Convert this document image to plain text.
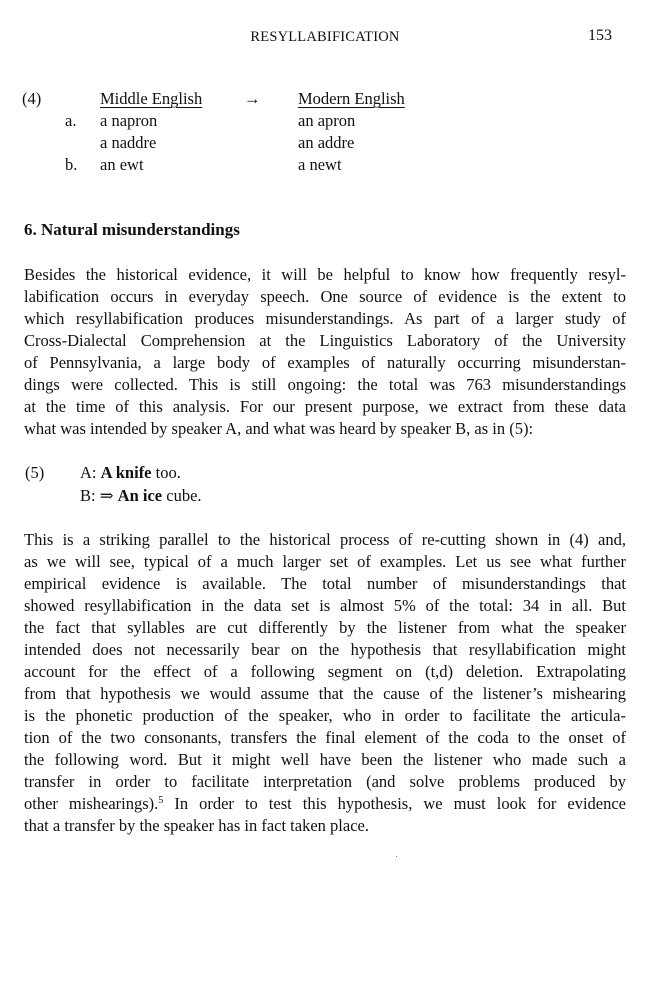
RESYLLABIFICATION	153
(4)	Middle English	→ Modern English
a. a napron	an apron
a naddre	an addre
b. an ewt	a newt
6. Natural misunderstandings
Besides the historical evidence, it will be helpful to know how frequently resyl-
labification occurs in everyday speech. One source of evidence is the extent to
which resyllabification produces misunderstandings. As part of a larger study of
Cross-Dialectal Comprehension at the Linguistics Laboratory of the University
of Pennsylvania, a large body of examples of naturally occurring misunderstan-
dings were collected. This is still ongoing: the total was 763 misunderstandings
at the time of this analysis. For our present purpose, we extract from these data
what was intended by speaker A, and what was heard by speaker B, as in (5):
(5) A: A knife too.
B: ⇒ An ice cube.
This is a striking parallel to the historical process of re-cutting shown in (4) and,
as we will see, typical of a much larger set of examples. Let us see what further
empirical evidence is available. The total number of misunderstandings that
showed resyllabification in the data set is almost 5% of the total: 34 in all. But
the fact that syllables are cut differently by the listener from what the speaker
intended does not necessarily bear on the hypothesis that resyllabification might
account for the effect of a following segment on (t,d) deletion. Extrapolating
from that hypothesis we would assume that the cause of the listener’s mishearing
is the phonetic production of the speaker, who in order to facilitate the articula-
tion of the two consonants, transfers the final element of the coda to the onset of
the following word. But it might well have been the listener who made such a
transfer in order to facilitate interpretation (and solve problems produced by
other mishearings).$^5$ In order to test this hypothesis, we must look for evidence
that a transfer by the speaker has in fact taken place.
